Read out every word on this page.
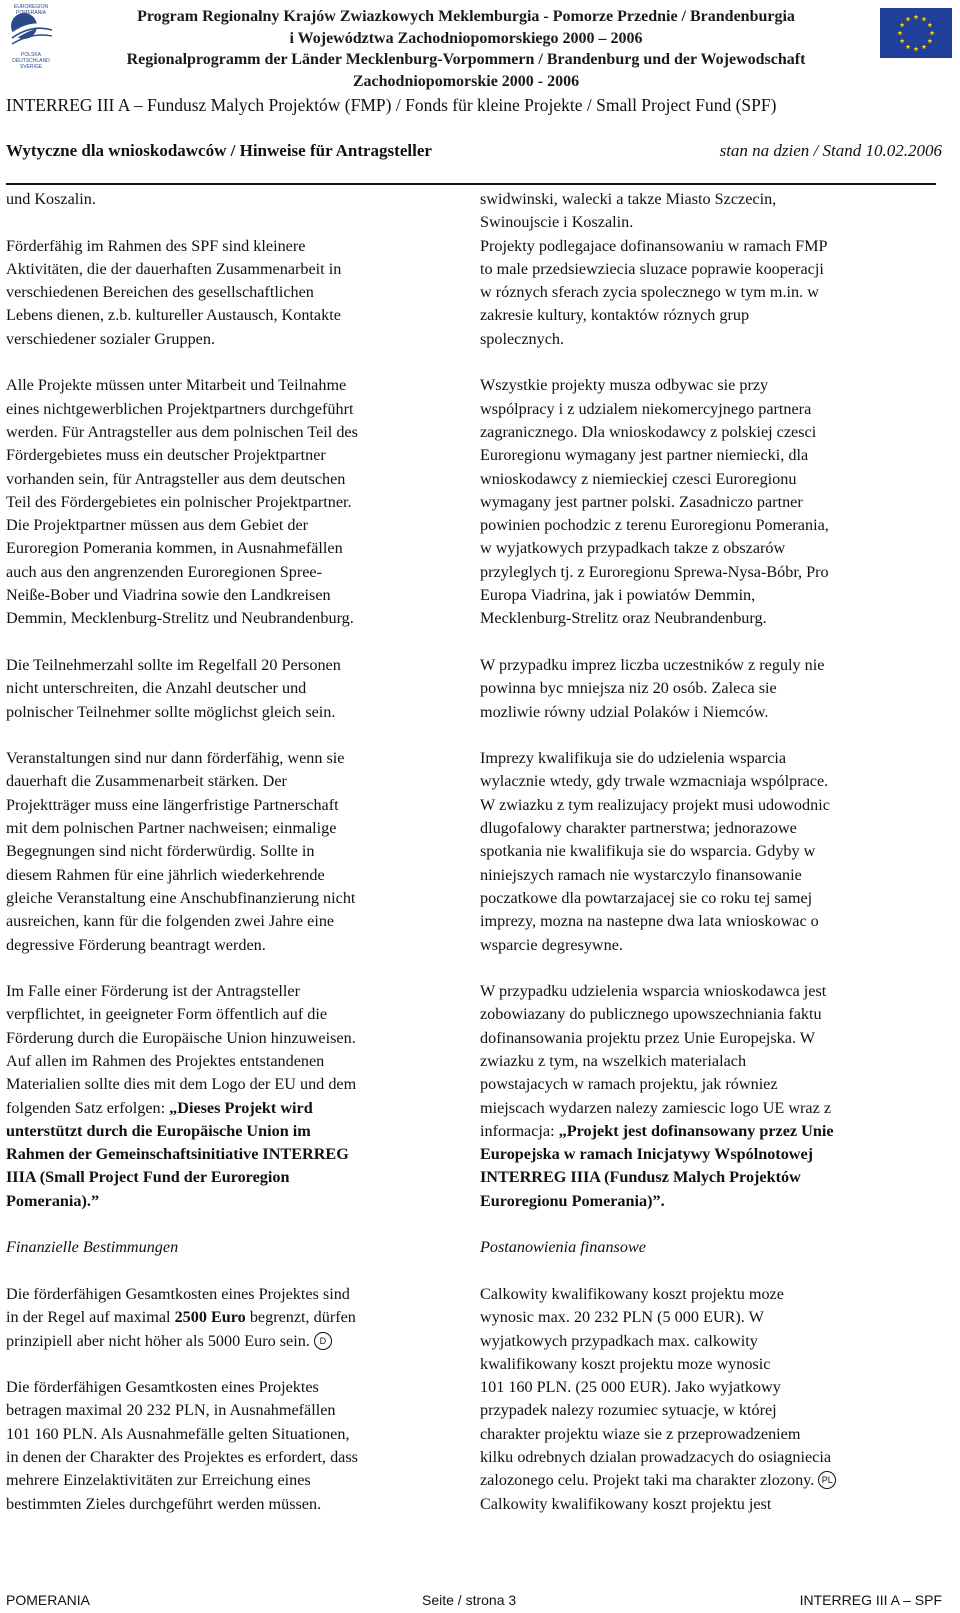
EUROREGION
POMERANIA
POLSKA
DEUTSCHLAND
SVERIGE
Program Regionalny Krajów Zwiazkowych Meklemburgia - Pomorze Przednie / Brandenburgia
i Województwa Zachodniopomorskiego 2000 – 2006
Regionalprogramm der Länder Mecklenburg-Vorpommern / Brandenburg und der Wojewodschaft
Zachodniopomorskie 2000 - 2006
INTERREG III A – Fundusz Malych Projektów (FMP) / Fonds für kleine Projekte / Small Project Fund (SPF)
Wytyczne dla wnioskodawców / Hinweise für Antragsteller	stan na dzien / Stand 10.02.2006

und Koszalin.

Förderfähig im Rahmen des SPF sind kleinere

Aktivitäten, die der dauerhaften Zusammenarbeit in

verschiedenen Bereichen des gesellschaftlichen

Lebens dienen, z.b. kultureller Austausch, Kontakte

verschiedener sozialer Gruppen.

Alle Projekte müssen unter Mitarbeit und Teilnahme

eines nichtgewerblichen Projektpartners durchgeführt

werden. Für Antragsteller aus dem polnischen Teil des

Fördergebietes muss ein deutscher Projektpartner

vorhanden sein, für Antragsteller aus dem deutschen

Teil des Fördergebietes ein polnischer Projektpartner.

Die Projektpartner müssen aus dem Gebiet der

Euroregion Pomerania kommen, in Ausnahmefällen

auch aus den angrenzenden Euroregionen Spree-

Neiße-Bober und Viadrina sowie den Landkreisen

Demmin, Mecklenburg-Strelitz und Neubrandenburg.

Die Teilnehmerzahl sollte im Regelfall 20 Personen

nicht unterschreiten, die Anzahl deutscher und

polnischer Teilnehmer sollte möglichst gleich sein.

Veranstaltungen sind nur dann förderfähig, wenn sie

dauerhaft die Zusammenarbeit stärken. Der

Projektträger muss eine längerfristige Partnerschaft

mit dem polnischen Partner nachweisen; einmalige

Begegnungen sind nicht förderwürdig. Sollte in

diesem Rahmen für eine jährlich wiederkehrende

gleiche Veranstaltung eine Anschubfinanzierung nicht

ausreichen, kann für die folgenden zwei Jahre eine

degressive Förderung beantragt werden.

Im Falle einer Förderung ist der Antragsteller

verpflichtet, in geeigneter Form öffentlich auf die

Förderung durch die Europäische Union hinzuweisen.

Auf allen im Rahmen des Projektes entstandenen

Materialien sollte dies mit dem Logo der EU und dem

folgenden Satz erfolgen: „Dieses Projekt wird

unterstützt durch die Europäische Union im

Rahmen der Gemeinschaftsinitiative INTERREG

IIIA (Small Project Fund der Euroregion

Pomerania).”

Finanzielle Bestimmungen

Die förderfähigen Gesamtkosten eines Projektes sind

in der Regel auf maximal 2500 Euro begrenzt, dürfen

prinzipiell aber nicht höher als 5000 Euro sein. D

Die förderfähigen Gesamtkosten eines Projektes

betragen maximal 20 232 PLN, in Ausnahmefällen

101 160 PLN. Als Ausnahmefälle gelten Situationen,

in denen der Charakter des Projektes es erfordert, dass

mehrere Einzelaktivitäten zur Erreichung eines

bestimmten Zieles durchgeführt werden müssen.

swidwinski, walecki a takze Miasto Szczecin,

Swinoujscie i Koszalin.

Projekty podlegajace dofinansowaniu w ramach FMP

to male przedsiewziecia sluzace poprawie kooperacji

w róznych sferach zycia spolecznego w tym m.in. w

zakresie kultury, kontaktów róznych grup

spolecznych.

Wszystkie projekty musza odbywac sie przy

wspólpracy i z udzialem niekomercyjnego partnera

zagranicznego. Dla wnioskodawcy z polskiej czesci

Euroregionu wymagany jest partner niemiecki, dla

wnioskodawcy z niemieckiej czesci Euroregionu

wymagany jest partner polski. Zasadniczo partner

powinien pochodzic z terenu Euroregionu Pomerania,

w wyjatkowych przypadkach takze z obszarów

przyleglych tj. z Euroregionu Sprewa-Nysa-Bóbr, Pro

Europa Viadrina, jak i powiatów Demmin,

Mecklenburg-Strelitz oraz Neubrandenburg.

W przypadku imprez liczba uczestników z reguly nie

powinna byc mniejsza niz 20 osób. Zaleca sie

mozliwie równy udzial Polaków i Niemców.

Imprezy kwalifikuja sie do udzielenia wsparcia

wylacznie wtedy, gdy trwale wzmacniaja wspólprace.

W zwiazku z tym realizujacy projekt musi udowodnic

dlugofalowy charakter partnerstwa; jednorazowe

spotkania nie kwalifikuja sie do wsparcia. Gdyby w

niniejszych ramach nie wystarczylo finansowanie

poczatkowe dla powtarzajacej sie co roku tej samej

imprezy, mozna na nastepne dwa lata wnioskowac o

wsparcie degresywne.

W przypadku udzielenia wsparcia wnioskodawca jest

zobowiazany do publicznego upowszechniania faktu

dofinansowania projektu przez Unie Europejska. W

zwiazku z tym, na wszelkich materialach

powstajacych w ramach projektu, jak równiez

miejscach wydarzen nalezy zamiescic logo UE wraz z

informacja: „Projekt jest dofinansowany przez Unie

Europejska w ramach Inicjatywy Wspólnotowej

INTERREG IIIA (Fundusz Malych Projektów

Euroregionu Pomerania)”.

Postanowienia finansowe

Calkowity kwalifikowany koszt projektu moze

wynosic max. 20 232 PLN (5 000 EUR). W

wyjatkowych przypadkach max. calkowity

kwalifikowany koszt projektu moze wynosic

101 160 PLN. (25 000 EUR). Jako wyjatkowy

przypadek nalezy rozumiec sytuacje, w której

charakter projektu wiaze sie z przeprowadzeniem

kilku odrebnych dzialan prowadzacych do osiagniecia

zalozonego celu. Projekt taki ma charakter zlozony. PL

Calkowity kwalifikowany koszt projektu jest

POMERANIA	Seite / strona 3	INTERREG III A – SPF
